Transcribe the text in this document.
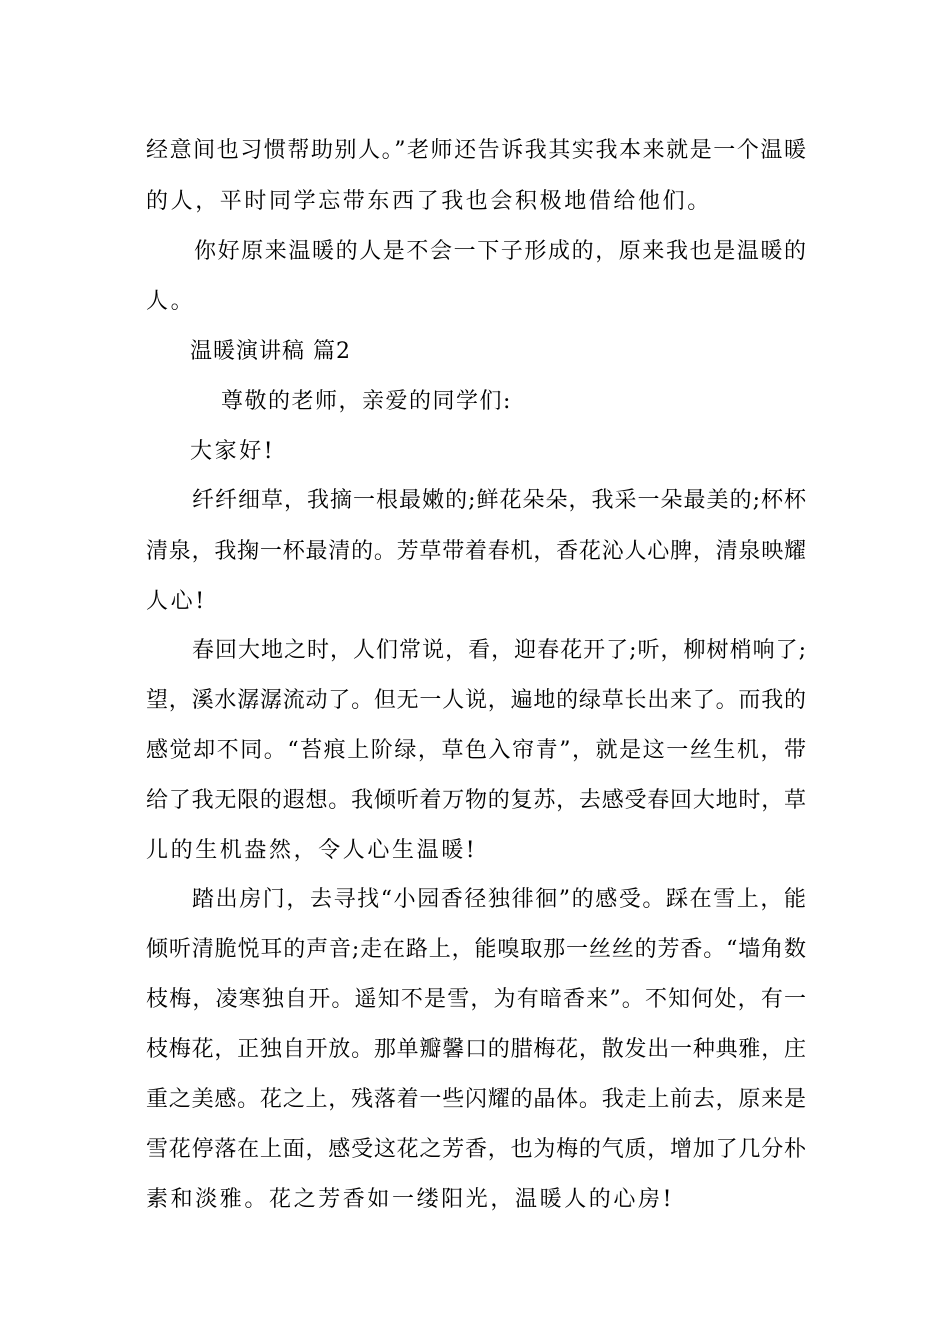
经意间也习惯帮助别人。”老师还告诉我其实我本来就是一个温暖
的人，平时同学忘带东西了我也会积极地借给他们。
你好原来温暖的人是不会一下子形成的，原来我也是温暖的
人。
温暖演讲稿 篇2
尊敬的老师，亲爱的同学们:
大家好!
纤纤细草，我摘一根最嫩的;鲜花朵朵，我采一朵最美的;杯杯
清泉，我掬一杯最清的。芳草带着春机，香花沁人心脾，清泉映耀
人心!
春回大地之时，人们常说，看，迎春花开了;听，柳树梢响了;
望，溪水潺潺流动了。但无一人说，遍地的绿草长出来了。而我的
感觉却不同。“苔痕上阶绿，草色入帘青”，就是这一丝生机，带
给了我无限的遐想。我倾听着万物的复苏，去感受春回大地时，草
儿的生机盎然，令人心生温暖!
踏出房门，去寻找“小园香径独徘徊”的感受。踩在雪上，能
倾听清脆悦耳的声音;走在路上，能嗅取那一丝丝的芳香。“墙角数
枝梅，凌寒独自开。遥知不是雪，为有暗香来”。不知何处，有一
枝梅花，正独自开放。那单瓣馨口的腊梅花，散发出一种典雅，庄
重之美感。花之上，残落着一些闪耀的晶体。我走上前去，原来是
雪花停落在上面，感受这花之芳香，也为梅的气质，增加了几分朴
素和淡雅。花之芳香如一缕阳光，温暖人的心房!
